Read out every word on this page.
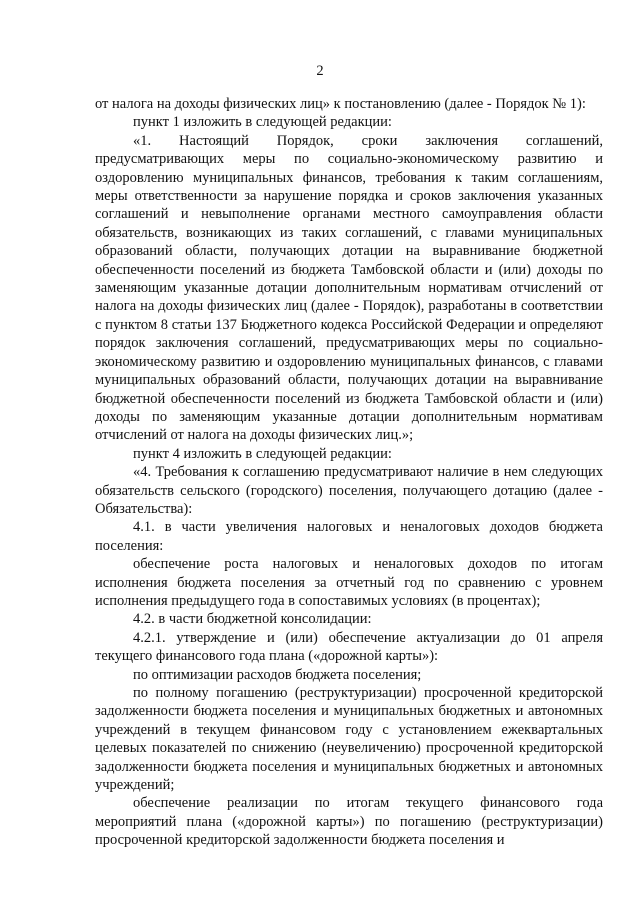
2

от налога на доходы физических лиц» к постановлению (далее - Порядок № 1):

пункт 1 изложить в следующей редакции:

«1. Настоящий Порядок, сроки заключения соглашений, предусматривающих меры по социально-экономическому развитию и оздоровлению муниципальных финансов, требования к таким соглашениям, меры ответственности за нарушение порядка и сроков заключения указанных соглашений и невыполнение органами местного самоуправления области обязательств, возникающих из таких соглашений, с главами муниципальных образований области, получающих дотации на выравнивание бюджетной обеспеченности поселений из бюджета Тамбовской области и (или) доходы по заменяющим указанные дотации дополнительным нормативам отчислений от налога на доходы физических лиц (далее - Порядок), разработаны в соответствии с пунктом 8 статьи 137 Бюджетного кодекса Российской Федерации и определяют порядок заключения соглашений, предусматривающих меры по социально-экономическому развитию и оздоровлению муниципальных финансов, с главами муниципальных образований области, получающих дотации на выравнивание бюджетной обеспеченности поселений из бюджета Тамбовской области и (или) доходы по заменяющим указанные дотации дополнительным нормативам отчислений от налога на доходы физических лиц.»;

пункт 4 изложить в следующей редакции:

«4. Требования к соглашению предусматривают наличие в нем следующих обязательств сельского (городского) поселения, получающего дотацию (далее - Обязательства):

4.1. в части увеличения налоговых и неналоговых доходов бюджета поселения:

обеспечение роста налоговых и неналоговых доходов по итогам исполнения бюджета поселения за отчетный год по сравнению с уровнем исполнения предыдущего года в сопоставимых условиях (в процентах);

4.2. в части бюджетной консолидации:

4.2.1. утверждение и (или) обеспечение актуализации до 01 апреля текущего финансового года плана («дорожной карты»):

по оптимизации расходов бюджета поселения;

по полному погашению (реструктуризации) просроченной кредиторской задолженности бюджета поселения и муниципальных бюджетных и автономных учреждений в текущем финансовом году с установлением ежеквартальных целевых показателей по снижению (неувеличению) просроченной кредиторской задолженности бюджета поселения и муниципальных бюджетных и автономных учреждений;

обеспечение реализации по итогам текущего финансового года мероприятий плана («дорожной карты») по погашению (реструктуризации) просроченной кредиторской задолженности бюджета поселения и
